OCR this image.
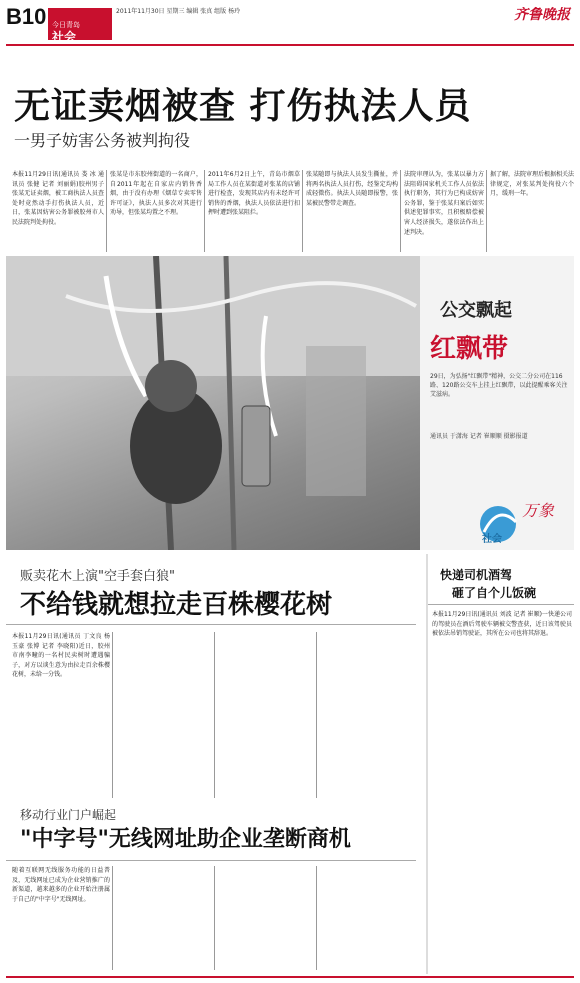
B10	2011年11月30日 星期三 编辑 张真 组版 杨玲
今日青岛
社会
齐鲁晚报
无证卖烟被查 打伤执法人员
一男子妨害公务被判拘役
本报11月29日讯(通讯员 娄 冰 通讯员 张健 记者 刘丽娟)胶州男子张某无证卖烟，被工商执法人员查处时竟然动手打伤执法人员，近日，张某因妨害公务罪被胶州市人民法院判处拘役。
张某是市东胶州街道的一名商户，自2011年起在自家店内销售香烟，由于没有办理《烟草专卖零售许可证》，执法人员多次对其进行劝导，但张某均置之不理。
2011年6月2日上午，青岛市烟草局工作人员在某街道对张某的店铺进行检查，发现其店内有未经许可销售的香烟，执法人员依法进行扣押时遭到张某阻拦。
张某随即与执法人员发生撕扯，并将两名执法人员打伤，经鉴定均构成轻微伤。执法人员随即报警，张某被民警带走调查。
法院审理认为，张某以暴力方法阻碍国家机关工作人员依法执行职务，其行为已构成妨害公务罪，鉴于张某归案后如实供述犯罪事实，且积极赔偿被害人经济损失，遂依法作出上述判决。
据了解，法院审理后根据相关法律规定，对张某判处拘役六个月，缓刑一年。
公交飘起
红飘带
29日，为弘扬"红飘带"精神，公交二分公司在116路、120路公交车上挂上红飘带，以此提醒乘客关注艾滋病。
通讯员 于潇海 记者 崔顺顺 摄影报道
万象
社会
贩卖花木上演"空手套白狼"
不给钱就想拉走百株樱花树
本报11月29日讯(通讯员 丁文良 杨玉豪 张博 记者 李晓阳)近日，胶州市南李疃的一名村民卖树时遭遇骗子，对方以谈生意为由拉走百余株樱花树，未给一分钱。
移动行业门户崛起
"中字号"无线网址助企业垄断商机
随着互联网无线服务功能的日益普及，无线网址已成为企业营销推广的新渠道，越来越多的企业开始注册属于自己的"中字号"无线网址。
快递司机酒驾
砸了自个儿饭碗
本报11月29日讯(通讯员 刘波 记者 崔顺)一快递公司的驾驶员在酒后驾驶车辆被交警查获，近日该驾驶员被依法吊销驾驶证，其所在公司也将其辞退。
